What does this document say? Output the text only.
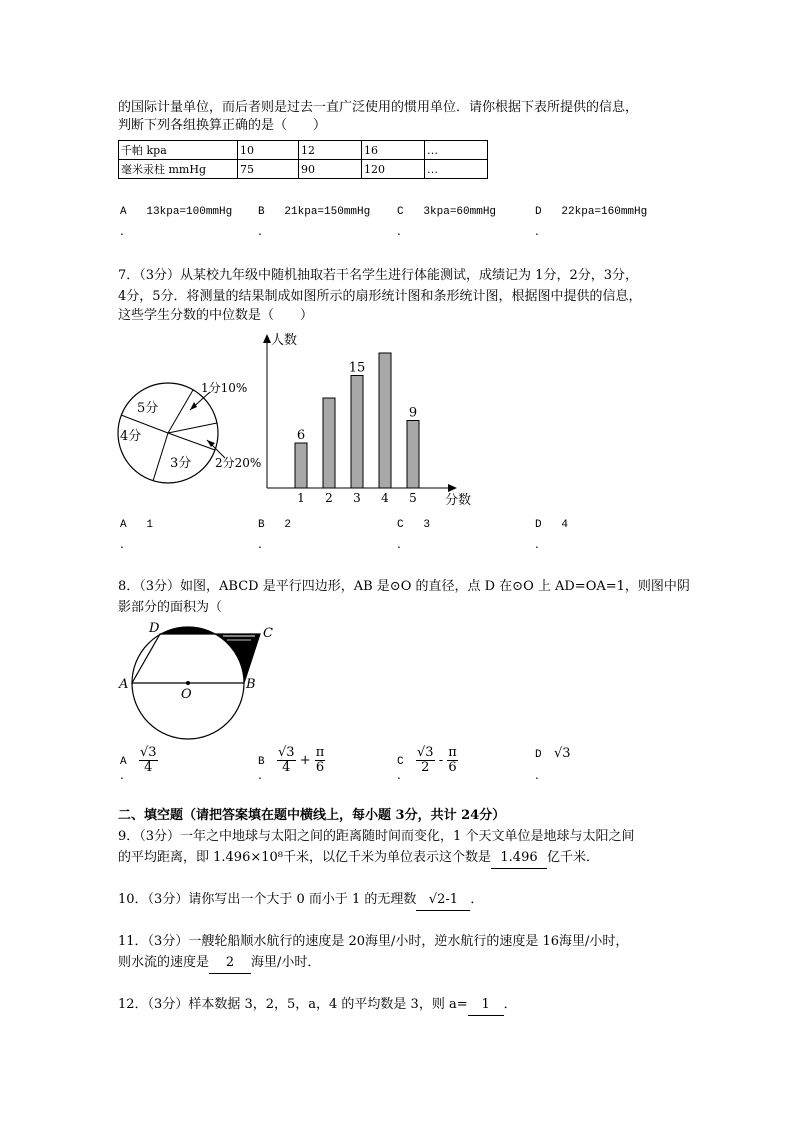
的国际计量单位，而后者则是过去一直广泛使用的惯用单位．请你根据下表所提供的信息，
判断下列各组换算正确的是（　　）
千帕 kpa	10	12	16	…
毫米汞柱 mmHg	75	90	120	…
A 13kpa=100mmHg B 21kpa=150mmHg C 3kpa=60mmHg	D 22kpa=160mmHg
.	.	.	.
7．（3分）从某校九年级中随机抽取若干名学生进行体能测试，成绩记为 1分，2分，3分，
4分，5分．将测量的结果制成如图所示的扇形统计图和条形统计图，根据图中提供的信息，
这些学生分数的中位数是（　　）
5分
4分
3分
1分10%
2分20%
人数
分数
1
6
2 3
15
4 5
9
A 1	B 2	C 3	D 4
.	.	.	.
8．（3分）如图，ABCD 是平行四边形，AB 是⊙O 的直径，点 D 在⊙O 上 AD=OA=1，则图中阴
影部分的面积为（
A	B
C
D
O
A $\frac{√3}{4}$	B $\frac{√3}{4} + \frac{\pi}{6}$	C $\frac{√3}{2} - \frac{\pi}{6}$	D √3
.	.	.	.
二、填空题（请把答案填在题中横线上，每小题 3分，共计 24分）
9．（3分）一年之中地球与太阳之间的距离随时间而变化，1 个天文单位是地球与太阳之间
的平均距离，即 1.496×10⁸千米，以亿千米为单位表示这个数是 1.496 亿千米．
10．（3分）请你写出一个大于 0 而小于 1 的无理数 √2-1 ．
11．（3分）一艘轮船顺水航行的速度是 20海里/小时，逆水航行的速度是 16海里/小时，
则水流的速度是 2 海里/小时．
12．（3分）样本数据 3，2，5，a，4 的平均数是 3，则 a= 1 ．
